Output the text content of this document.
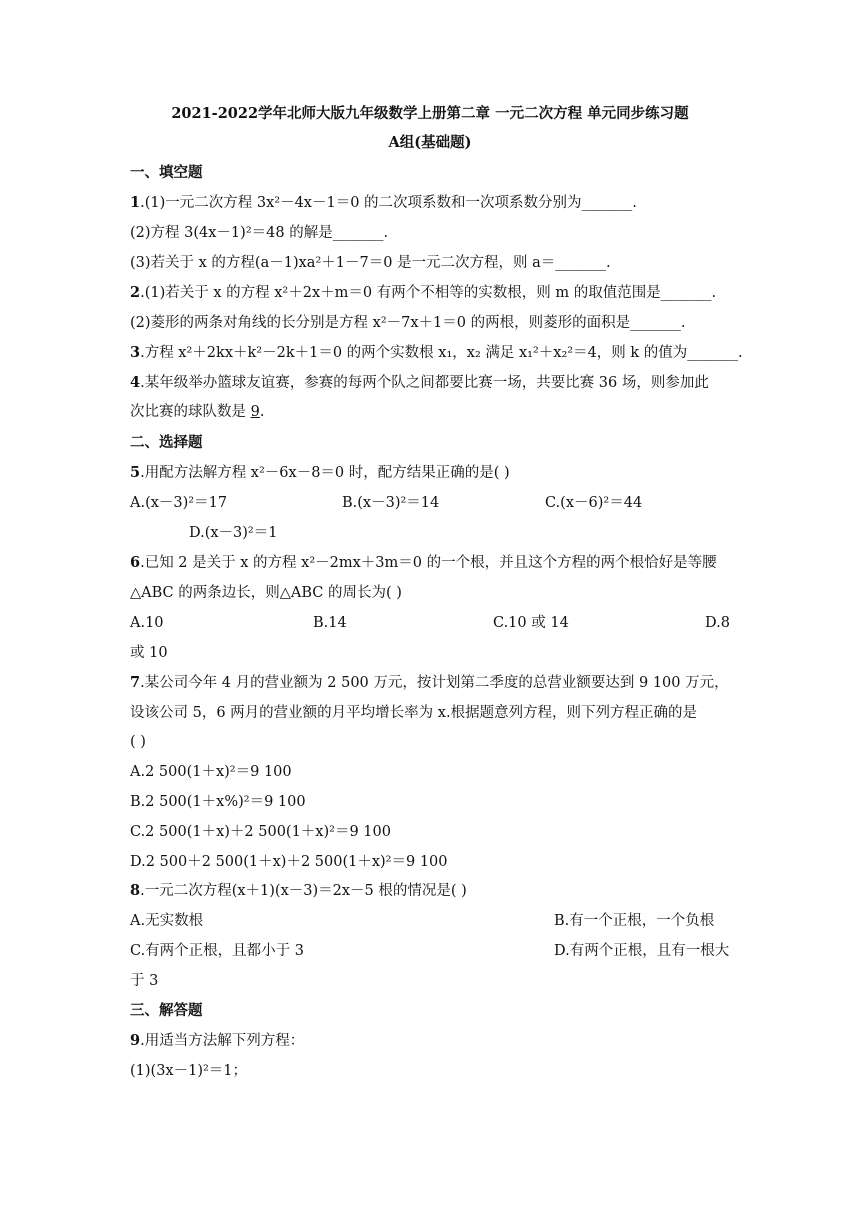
2021-2022学年北师大版九年级数学上册第二章 一元二次方程 单元同步练习题
A组(基础题)
一、填空题
1.(1)一元二次方程 3x²－4x－1＝0 的二次项系数和一次项系数分别为_______.
(2)方程 3(4x－1)²＝48 的解是_______.
(3)若关于 x 的方程(a－1)xa²＋1－7＝0 是一元二次方程，则 a＝_______.
2.(1)若关于 x 的方程 x²＋2x＋m＝0 有两个不相等的实数根，则 m 的取值范围是_______.
(2)菱形的两条对角线的长分别是方程 x²－7x＋1＝0 的两根，则菱形的面积是_______.
3.方程 x²＋2kx＋k²－2k＋1＝0 的两个实数根 x₁，x₂ 满足 x₁²＋x₂²＝4，则 k 的值为_______.
4.某年级举办篮球友谊赛，参赛的每两个队之间都要比赛一场，共要比赛 36 场，则参加此
次比赛的球队数是 9.
二、选择题
5.用配方法解方程 x²－6x－8＝0 时，配方结果正确的是( )
A.(x－3)²＝17	B.(x－3)²＝14	C.(x－6)²＝44
D.(x－3)²＝1
6.已知 2 是关于 x 的方程 x²－2mx＋3m＝0 的一个根，并且这个方程的两个根恰好是等腰
△ABC 的两条边长，则△ABC 的周长为( )
A.10	B.14	C.10 或 14	D.8
或 10
7.某公司今年 4 月的营业额为 2 500 万元，按计划第二季度的总营业额要达到 9 100 万元，
设该公司 5，6 两月的营业额的月平均增长率为 x.根据题意列方程，则下列方程正确的是
( )
A.2 500(1＋x)²＝9 100
B.2 500(1＋x%)²＝9 100
C.2 500(1＋x)＋2 500(1＋x)²＝9 100
D.2 500＋2 500(1＋x)＋2 500(1＋x)²＝9 100
8.一元二次方程(x＋1)(x－3)＝2x－5 根的情况是( )
A.无实数根	B.有一个正根，一个负根
C.有两个正根，且都小于 3	D.有两个正根，且有一根大
于 3
三、解答题
9.用适当方法解下列方程：
(1)(3x－1)²＝1；
